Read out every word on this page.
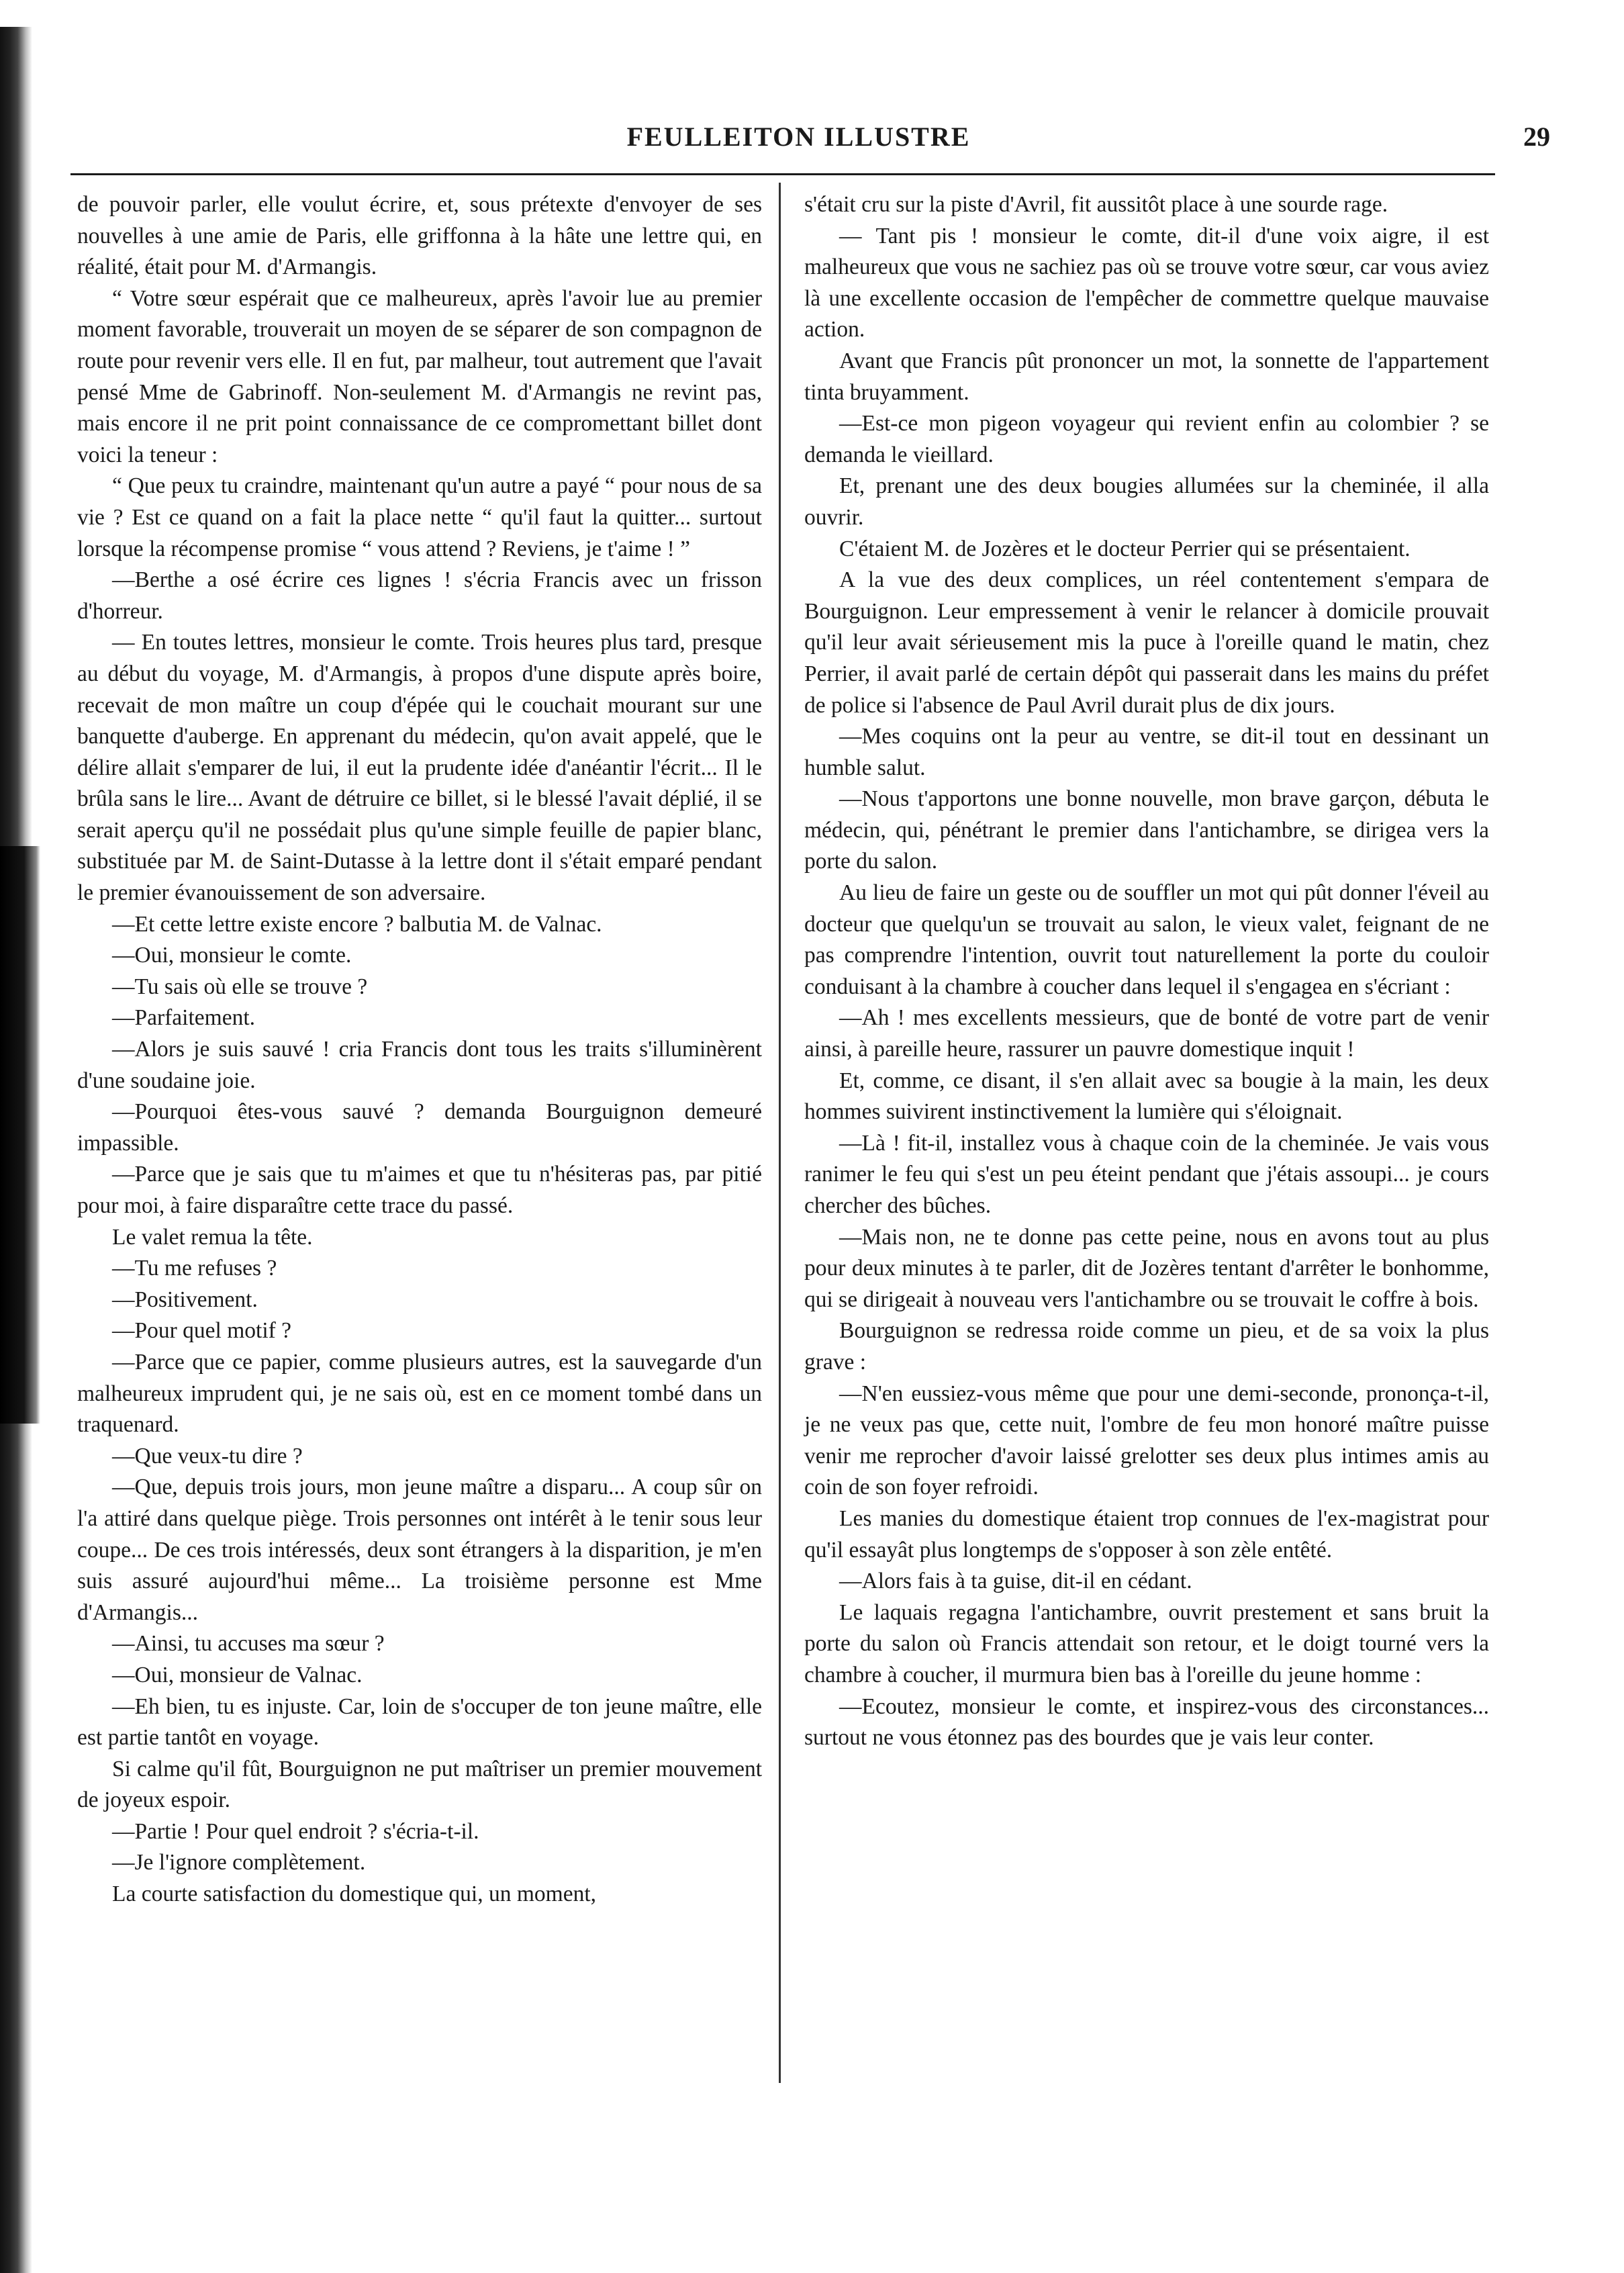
FEULLEITON ILLUSTRE	29

de pouvoir parler, elle voulut écrire, et, sous prétexte d'envoyer de ses nouvelles à une amie de Paris, elle griffonna à la hâte une lettre qui, en réalité, était pour M. d'Armangis.

“ Votre sœur espérait que ce malheureux, après l'avoir lue au premier moment favorable, trouverait un moyen de se séparer de son compagnon de route pour revenir vers elle. Il en fut, par malheur, tout autrement que l'avait pensé Mme de Gabrinoff. Non-seulement M. d'Armangis ne revint pas, mais encore il ne prit point connaissance de ce compromettant billet dont voici la teneur :

“ Que peux tu craindre, maintenant qu'un autre a payé “ pour nous de sa vie ? Est ce quand on a fait la place nette “ qu'il faut la quitter... surtout lorsque la récompense promise “ vous attend ? Reviens, je t'aime ! ”

—Berthe a osé écrire ces lignes ! s'écria Francis avec un frisson d'horreur.

— En toutes lettres, monsieur le comte. Trois heures plus tard, presque au début du voyage, M. d'Armangis, à propos d'une dispute après boire, recevait de mon maître un coup d'épée qui le couchait mourant sur une banquette d'auberge. En apprenant du médecin, qu'on avait appelé, que le délire allait s'emparer de lui, il eut la prudente idée d'anéantir l'écrit... Il le brûla sans le lire... Avant de détruire ce billet, si le blessé l'avait déplié, il se serait aperçu qu'il ne possédait plus qu'une simple feuille de papier blanc, substituée par M. de Saint-Dutasse à la lettre dont il s'était emparé pendant le premier évanouissement de son adversaire.

—Et cette lettre existe encore ? balbutia M. de Valnac.

—Oui, monsieur le comte.

—Tu sais où elle se trouve ?

—Parfaitement.

—Alors je suis sauvé ! cria Francis dont tous les traits s'illuminèrent d'une soudaine joie.

—Pourquoi êtes-vous sauvé ? demanda Bourguignon demeuré impassible.

—Parce que je sais que tu m'aimes et que tu n'hésiteras pas, par pitié pour moi, à faire disparaître cette trace du passé.

Le valet remua la tête.

—Tu me refuses ?

—Positivement.

—Pour quel motif ?

—Parce que ce papier, comme plusieurs autres, est la sauvegarde d'un malheureux imprudent qui, je ne sais où, est en ce moment tombé dans un traquenard.

—Que veux-tu dire ?

—Que, depuis trois jours, mon jeune maître a disparu... A coup sûr on l'a attiré dans quelque piège. Trois personnes ont intérêt à le tenir sous leur coupe... De ces trois intéressés, deux sont étrangers à la disparition, je m'en suis assuré aujourd'hui même... La troisième personne est Mme d'Armangis...

—Ainsi, tu accuses ma sœur ?

—Oui, monsieur de Valnac.

—Eh bien, tu es injuste. Car, loin de s'occuper de ton jeune maître, elle est partie tantôt en voyage.

Si calme qu'il fût, Bourguignon ne put maîtriser un premier mouvement de joyeux espoir.

—Partie ! Pour quel endroit ? s'écria-t-il.

—Je l'ignore complètement.

La courte satisfaction du domestique qui, un moment,

s'était cru sur la piste d'Avril, fit aussitôt place à une sourde rage.

— Tant pis ! monsieur le comte, dit-il d'une voix aigre, il est malheureux que vous ne sachiez pas où se trouve votre sœur, car vous aviez là une excellente occasion de l'empêcher de commettre quelque mauvaise action.

Avant que Francis pût prononcer un mot, la sonnette de l'appartement tinta bruyamment.

—Est-ce mon pigeon voyageur qui revient enfin au colombier ? se demanda le vieillard.

Et, prenant une des deux bougies allumées sur la cheminée, il alla ouvrir.

C'étaient M. de Jozères et le docteur Perrier qui se présentaient.

A la vue des deux complices, un réel contentement s'empara de Bourguignon. Leur empressement à venir le relancer à domicile prouvait qu'il leur avait sérieusement mis la puce à l'oreille quand le matin, chez Perrier, il avait parlé de certain dépôt qui passerait dans les mains du préfet de police si l'absence de Paul Avril durait plus de dix jours.

—Mes coquins ont la peur au ventre, se dit-il tout en dessinant un humble salut.

—Nous t'apportons une bonne nouvelle, mon brave garçon, débuta le médecin, qui, pénétrant le premier dans l'antichambre, se dirigea vers la porte du salon.

Au lieu de faire un geste ou de souffler un mot qui pût donner l'éveil au docteur que quelqu'un se trouvait au salon, le vieux valet, feignant de ne pas comprendre l'intention, ouvrit tout naturellement la porte du couloir conduisant à la chambre à coucher dans lequel il s'engagea en s'écriant :

—Ah ! mes excellents messieurs, que de bonté de votre part de venir ainsi, à pareille heure, rassurer un pauvre domestique inquit !

Et, comme, ce disant, il s'en allait avec sa bougie à la main, les deux hommes suivirent instinctivement la lumière qui s'éloignait.

—Là ! fit-il, installez vous à chaque coin de la cheminée. Je vais vous ranimer le feu qui s'est un peu éteint pendant que j'étais assoupi... je cours chercher des bûches.

—Mais non, ne te donne pas cette peine, nous en avons tout au plus pour deux minutes à te parler, dit de Jozères tentant d'arrêter le bonhomme, qui se dirigeait à nouveau vers l'antichambre ou se trouvait le coffre à bois.

Bourguignon se redressa roide comme un pieu, et de sa voix la plus grave :

—N'en eussiez-vous même que pour une demi-seconde, prononça-t-il, je ne veux pas que, cette nuit, l'ombre de feu mon honoré maître puisse venir me reprocher d'avoir laissé grelotter ses deux plus intimes amis au coin de son foyer refroidi.

Les manies du domestique étaient trop connues de l'ex-magistrat pour qu'il essayât plus longtemps de s'opposer à son zèle entêté.

—Alors fais à ta guise, dit-il en cédant.

Le laquais regagna l'antichambre, ouvrit prestement et sans bruit la porte du salon où Francis attendait son retour, et le doigt tourné vers la chambre à coucher, il murmura bien bas à l'oreille du jeune homme :

—Ecoutez, monsieur le comte, et inspirez-vous des circonstances... surtout ne vous étonnez pas des bourdes que je vais leur conter.
